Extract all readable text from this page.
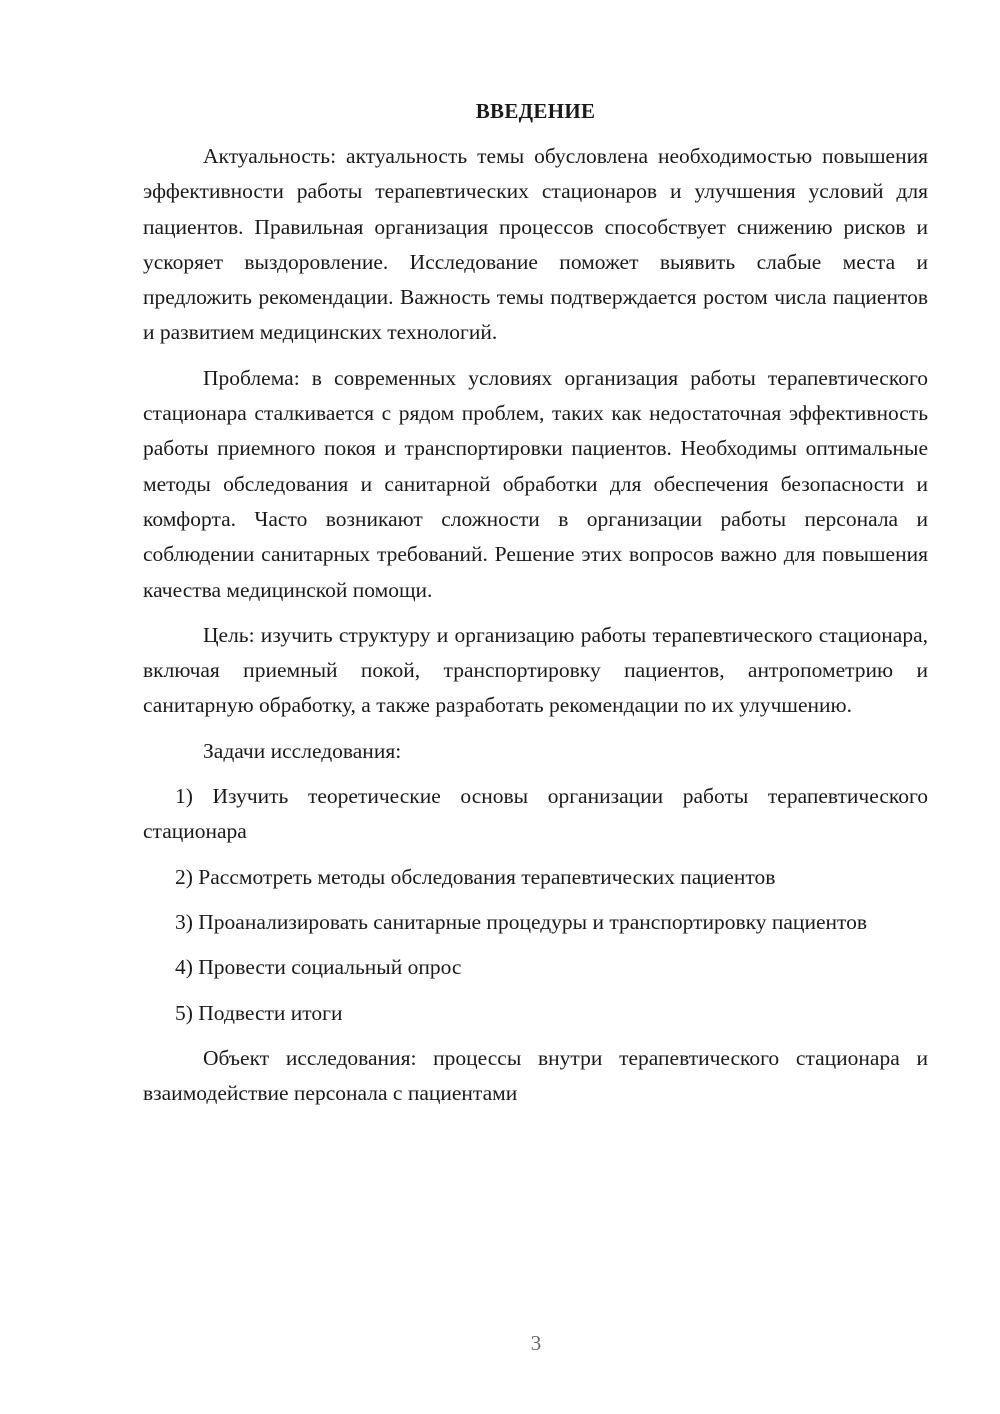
ВВЕДЕНИЕ

Актуальность: актуальность темы обусловлена необходимостью повышения эффективности работы терапевтических стационаров и улучшения условий для пациентов. Правильная организация процессов способствует снижению рисков и ускоряет выздоровление. Исследование поможет выявить слабые места и предложить рекомендации. Важность темы подтверждается ростом числа пациентов и развитием медицинских технологий.

Проблема: в современных условиях организация работы терапевтического стационара сталкивается с рядом проблем, таких как недостаточная эффективность работы приемного покоя и транспортировки пациентов. Необходимы оптимальные методы обследования и санитарной обработки для обеспечения безопасности и комфорта. Часто возникают сложности в организации работы персонала и соблюдении санитарных требований. Решение этих вопросов важно для повышения качества медицинской помощи.

Цель: изучить структуру и организацию работы терапевтического стационара, включая приемный покой, транспортировку пациентов, антропометрию и санитарную обработку, а также разработать рекомендации по их улучшению.

Задачи исследования:

1) Изучить теоретические основы организации работы терапевтического стационара

2) Рассмотреть методы обследования терапевтических пациентов

3) Проанализировать санитарные процедуры и транспортировку пациентов

4) Провести социальный опрос

5) Подвести итоги

Объект исследования: процессы внутри терапевтического стационара и взаимодействие персонала с пациентами

3
